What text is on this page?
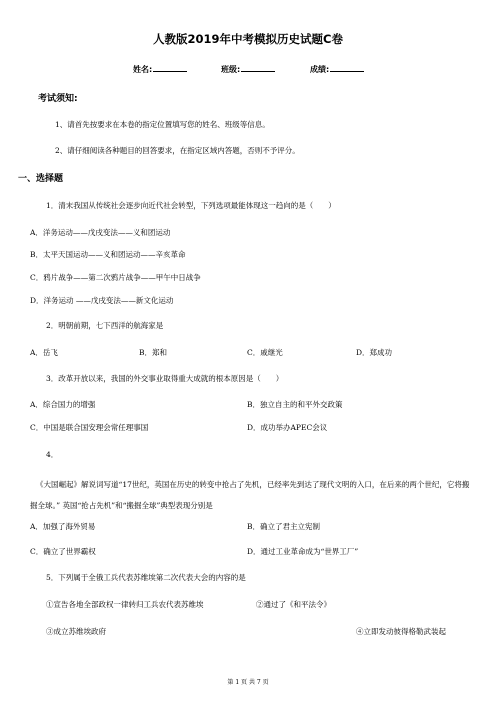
人教版2019年中考模拟历史试题C卷
姓名:	班级:	成绩:
考试须知:
1、请首先按要求在本卷的指定位置填写您的姓名、班级等信息。
2、请仔细阅读各种题目的回答要求，在指定区域内答题，否则不予评分。
一、选择题
1．清末我国从传统社会逐步向近代社会转型，下列选项最能体现这一趋向的是（　　）
A．洋务运动——戊戌变法——义和团运动
B．太平天国运动——义和团运动——辛亥革命
C．鸦片战争——第二次鸦片战争——甲午中日战争
D．洋务运动 ——戊戌变法——新文化运动
2．明朝前期，七下西洋的航海家是
A．岳飞	B．郑和	C．戚继光	D．郑成功
3．改革开放以来，我国的外交事业取得重大成就的根本原因是（　　）
A．综合国力的增强	B．独立自主的和平外交政策
C．中国是联合国安理会常任理事国	D．成功举办APEC会议
4．
《大国崛起》解说词写道“17世纪，英国在历史的转变中抢占了先机，已经率先到达了现代文明的入口，在后来的两个世纪，它将搬掘全球。” 英国“抢占先机”和“搬掘全球”典型表现分别是
A．加强了海外贸易	B．确立了君主立宪制
C．确立了世界霸权	D．通过工业革命成为“世界工厂”
5．下列属于全俄工兵代表苏维埃第二次代表大会的内容的是
①宣告各地全部政权一律转归工兵农代表苏维埃	②通过了《和平法令》
③成立苏维埃政府	④立即发动彼得格勒武装起
第 1 页 共 7 页
